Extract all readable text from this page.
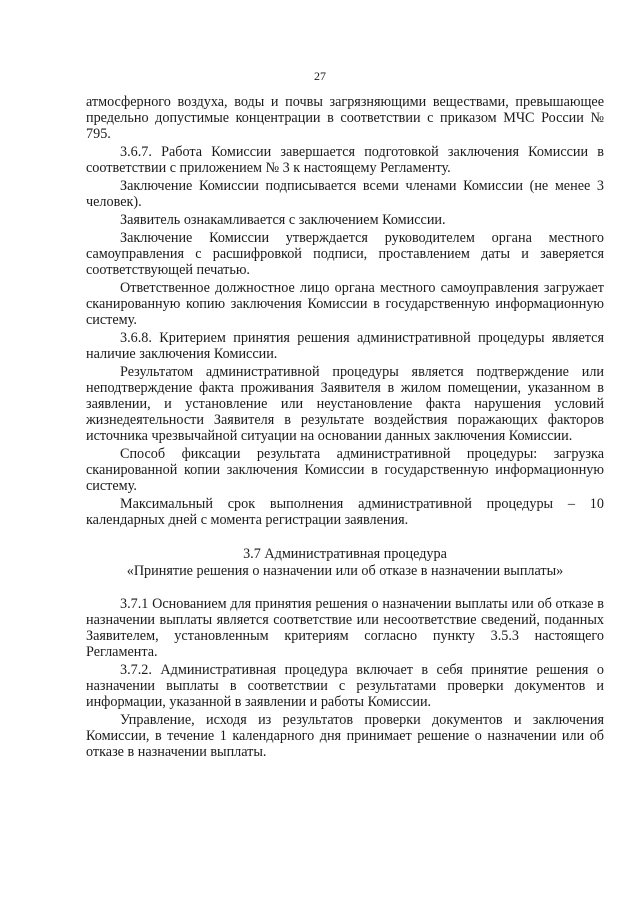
27

атмосферного воздуха, воды и почвы загрязняющими веществами, превышающее предельно допустимые концентрации в соответствии с приказом МЧС России № 795.

3.6.7. Работа Комиссии завершается подготовкой заключения Комиссии в соответствии с приложением № 3 к настоящему Регламенту.

Заключение Комиссии подписывается всеми членами Комиссии (не менее 3 человек).

Заявитель ознакамливается с заключением Комиссии.

Заключение Комиссии утверждается руководителем органа местного самоуправления с расшифровкой подписи, проставлением даты и заверяется соответствующей печатью.

Ответственное должностное лицо органа местного самоуправления загружает сканированную копию заключения Комиссии в государственную информационную систему.

3.6.8. Критерием принятия решения административной процедуры является наличие заключения Комиссии.

Результатом административной процедуры является подтверждение или неподтверждение факта проживания Заявителя в жилом помещении, указанном в заявлении, и установление или неустановление факта нарушения условий жизнедеятельности Заявителя в результате воздействия поражающих факторов источника чрезвычайной ситуации на основании данных заключения Комиссии.

Способ фиксации результата административной процедуры: загрузка сканированной копии заключения Комиссии в государственную информационную систему.

Максимальный срок выполнения административной процедуры – 10 календарных дней с момента регистрации заявления.

3.7 Административная процедура
«Принятие решения о назначении или об отказе в назначении выплаты»

3.7.1 Основанием для принятия решения о назначении выплаты или об отказе в назначении выплаты является соответствие или несоответствие сведений, поданных Заявителем, установленным критериям согласно пункту 3.5.3 настоящего Регламента.

3.7.2. Административная процедура включает в себя принятие решения о назначении выплаты в соответствии с результатами проверки документов и информации, указанной в заявлении и работы Комиссии.

Управление, исходя из результатов проверки документов и заключения Комиссии, в течение 1 календарного дня принимает решение о назначении или об отказе в назначении выплаты.
